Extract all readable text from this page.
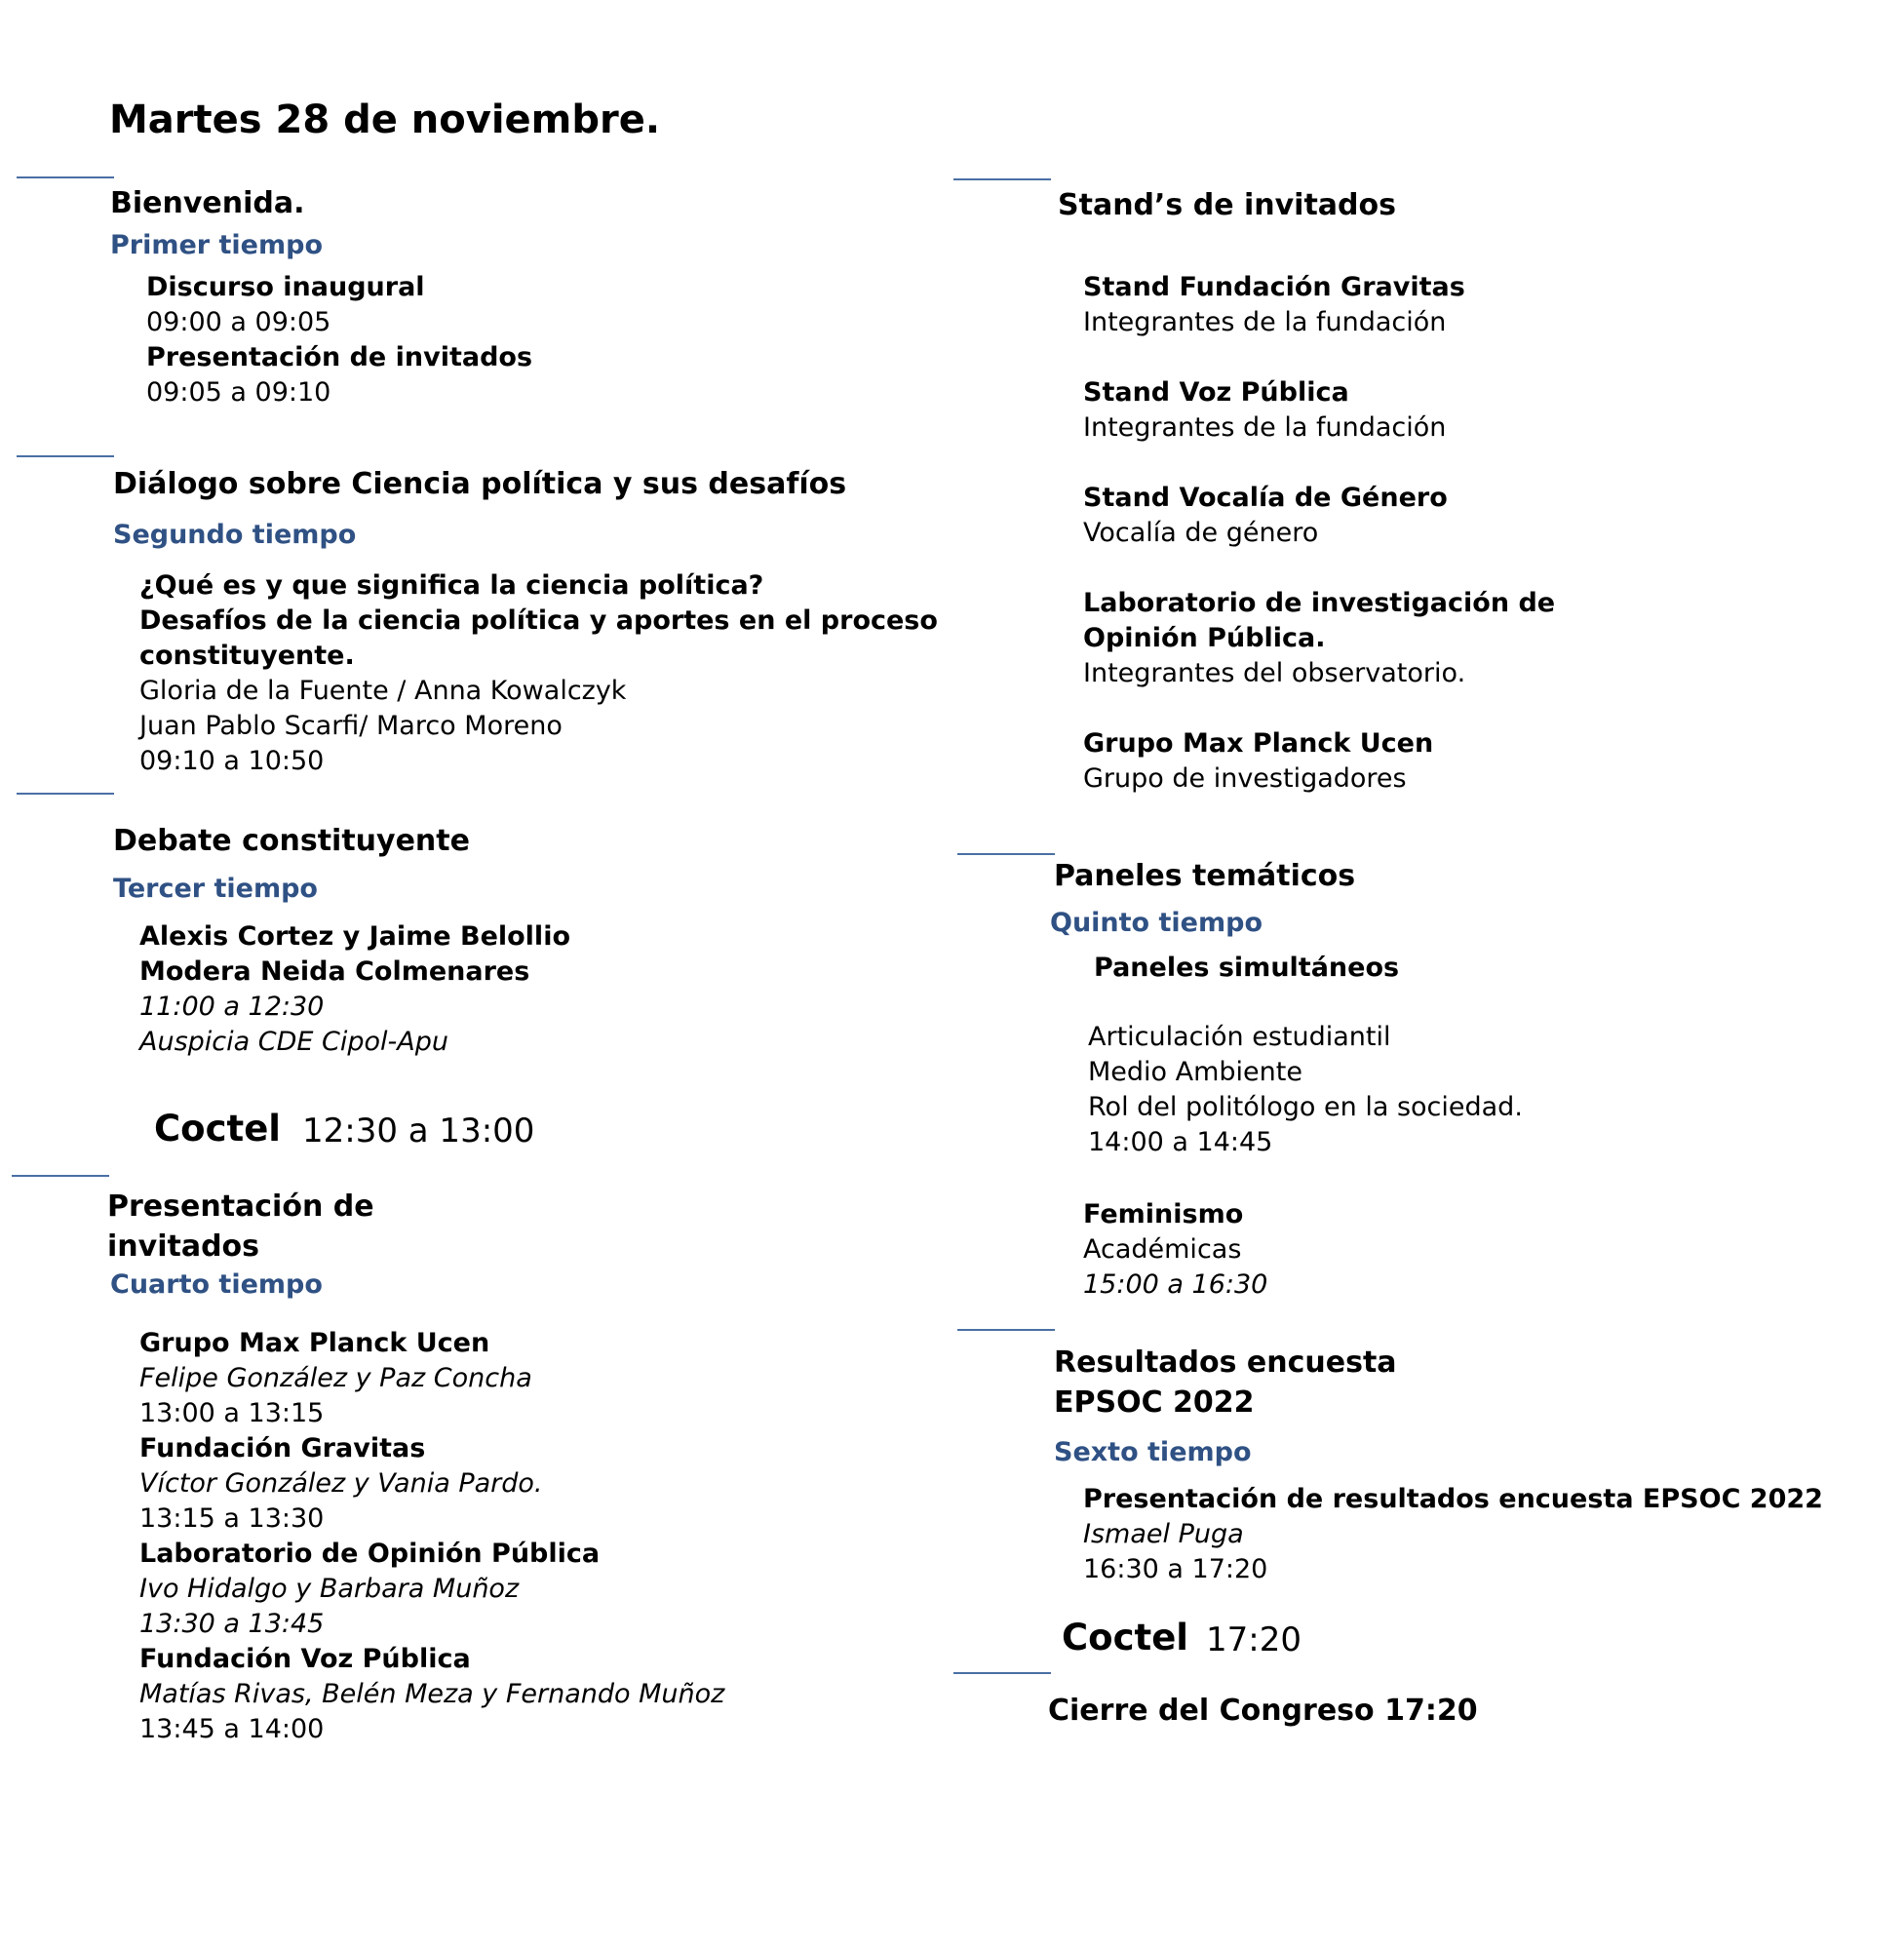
Martes 28 de noviembre.
Bienvenida.
Primer tiempo
Discurso inaugural
09:00 a 09:05
Presentación de invitados
09:05 a 09:10
Diálogo sobre Ciencia política y sus desafíos
Segundo tiempo
¿Qué es y que significa la ciencia política?
Desafíos de la ciencia política y aportes en el proceso
constituyente.
Gloria de la Fuente / Anna Kowalczyk
Juan Pablo Scarfi/ Marco Moreno
09:10 a 10:50
Debate constituyente
Tercer tiempo
Alexis Cortez y Jaime Belollio
Modera Neida Colmenares
11:00 a 12:30
Auspicia CDE Cipol-Apu
Coctel 12:30 a 13:00
Presentación de
invitados
Cuarto tiempo
Grupo Max Planck Ucen
Felipe González y Paz Concha
13:00 a 13:15
Fundación Gravitas
Víctor González y Vania Pardo.
13:15 a 13:30
Laboratorio de Opinión Pública
Ivo Hidalgo y Barbara Muñoz
13:30 a 13:45
Fundación Voz Pública
Matías Rivas, Belén Meza y Fernando Muñoz
13:45 a 14:00
Stand’s de invitados
Stand Fundación Gravitas
Integrantes de la fundación
Stand Voz Pública
Integrantes de la fundación
Stand Vocalía de Género
Vocalía de género
Laboratorio de investigación de
Opinión Pública.
Integrantes del observatorio.
Grupo Max Planck Ucen
Grupo de investigadores
Paneles temáticos
Quinto tiempo
Paneles simultáneos
Articulación estudiantil
Medio Ambiente
Rol del politólogo en la sociedad.
14:00 a 14:45
Feminismo
Académicas
15:00 a 16:30
Resultados encuesta
EPSOC 2022
Sexto tiempo
Presentación de resultados encuesta EPSOC 2022
Ismael Puga
16:30 a 17:20
Coctel 17:20
Cierre del Congreso 17:20
